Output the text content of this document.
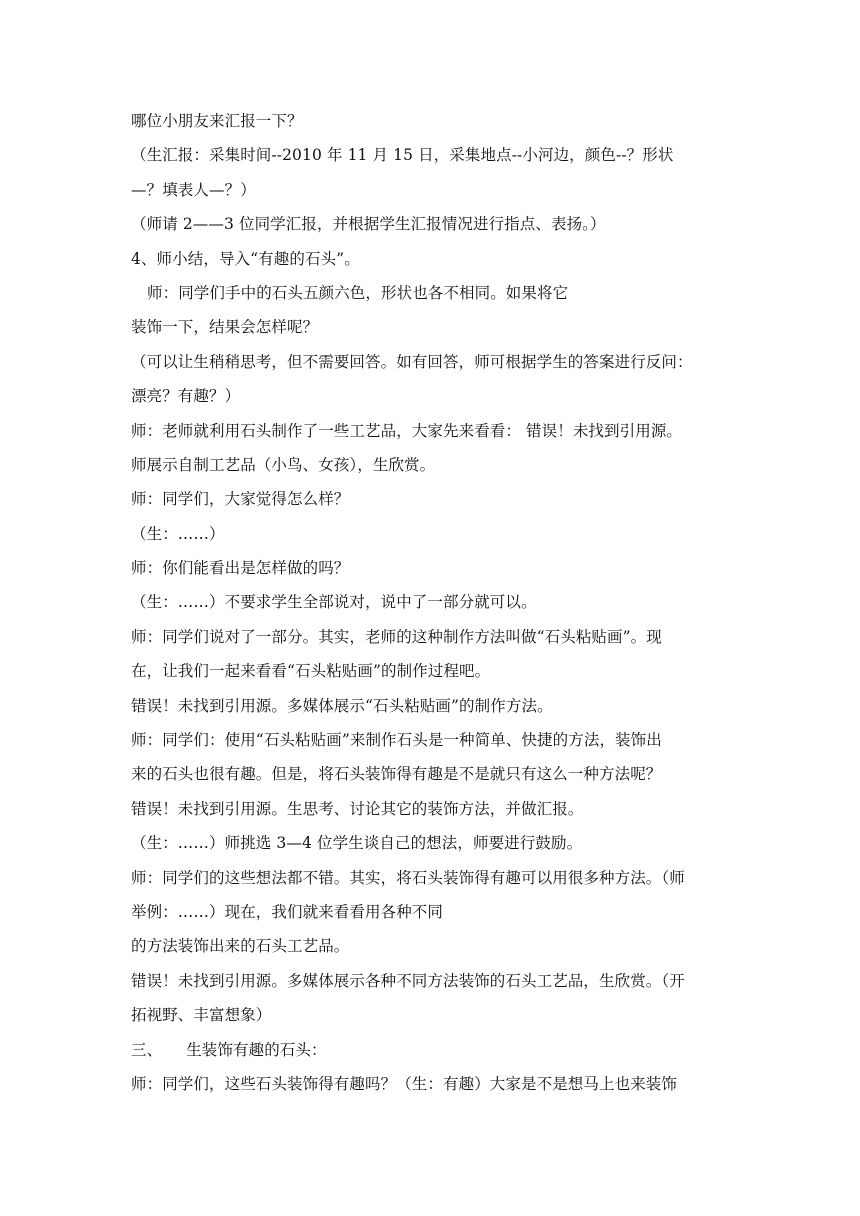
哪位小朋友来汇报一下？
（生汇报：采集时间--2010 年 11 月 15 日，采集地点--小河边，颜色--？形状
—？填表人—？）
（师请 2——3 位同学汇报，并根据学生汇报情况进行指点、表扬。）
4、师小结，导入“有趣的石头”。
师：同学们手中的石头五颜六色，形状也各不相同。如果将它
装饰一下，结果会怎样呢？
（可以让生稍稍思考，但不需要回答。如有回答，师可根据学生的答案进行反问：
漂亮？有趣？）
师：老师就利用石头制作了一些工艺品，大家先来看看： 错误！未找到引用源。
师展示自制工艺品（小鸟、女孩），生欣赏。
师：同学们，大家觉得怎么样？
（生：……）
师：你们能看出是怎样做的吗？
（生：……）不要求学生全部说对，说中了一部分就可以。
师：同学们说对了一部分。其实，老师的这种制作方法叫做“石头粘贴画”。现
在，让我们一起来看看“石头粘贴画”的制作过程吧。
错误！未找到引用源。多媒体展示“石头粘贴画”的制作方法。
师：同学们：使用“石头粘贴画”来制作石头是一种简单、快捷的方法，装饰出
来的石头也很有趣。但是，将石头装饰得有趣是不是就只有这么一种方法呢？
错误！未找到引用源。生思考、讨论其它的装饰方法，并做汇报。
（生：……）师挑选 3—4 位学生谈自己的想法，师要进行鼓励。
师：同学们的这些想法都不错。其实，将石头装饰得有趣可以用很多种方法。（师
举例：……）现在，我们就来看看用各种不同
的方法装饰出来的石头工艺品。
错误！未找到引用源。多媒体展示各种不同方法装饰的石头工艺品，生欣赏。（开
拓视野、丰富想象）
三、 生装饰有趣的石头：
师：同学们，这些石头装饰得有趣吗？（生：有趣）大家是不是想马上也来装饰
